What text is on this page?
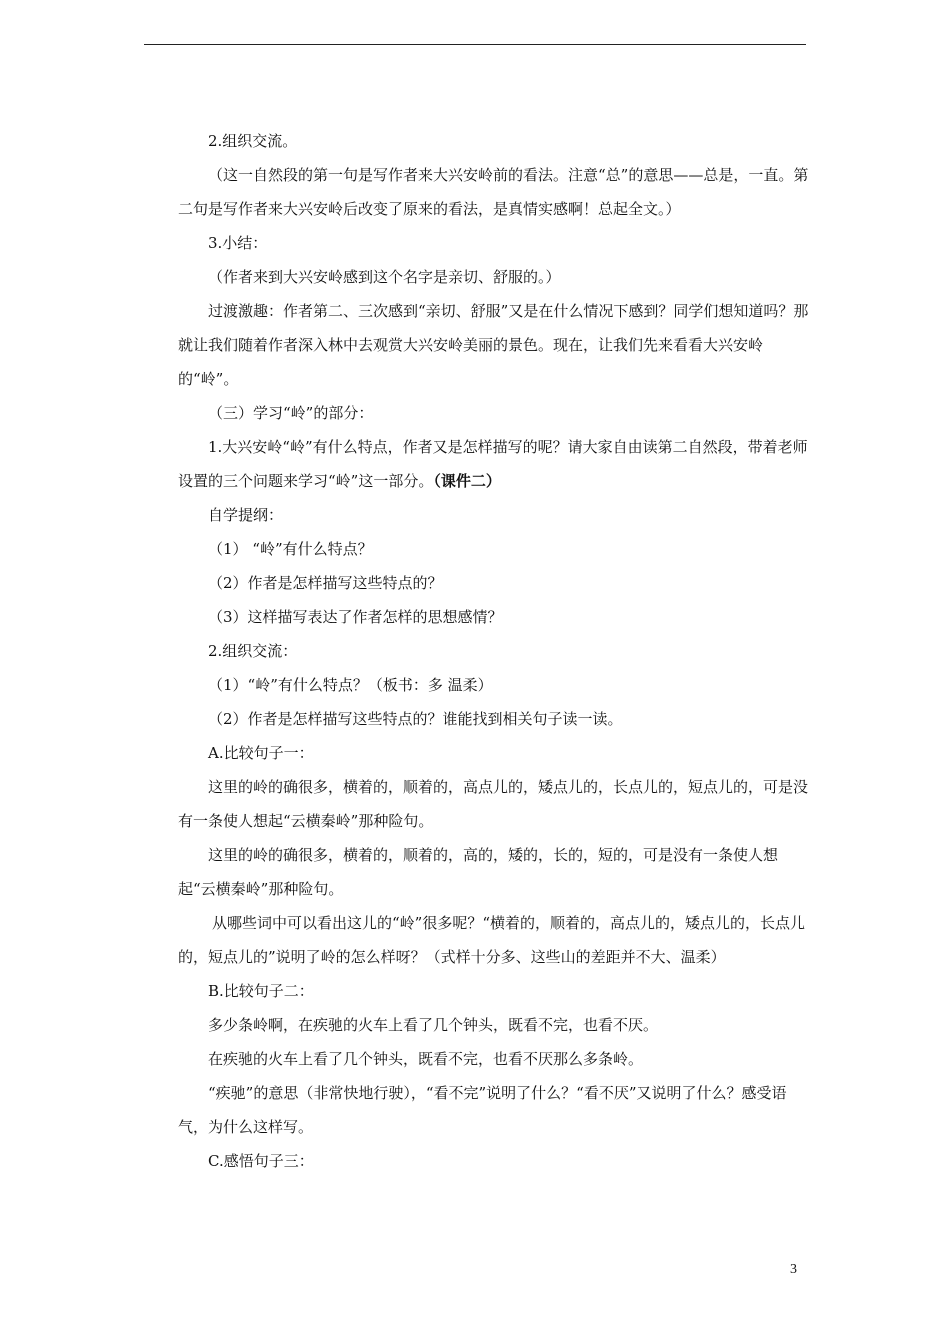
2.组织交流。

（这一自然段的第一句是写作者来大兴安岭前的看法。注意“总”的意思——总是，一直。第二句是写作者来大兴安岭后改变了原来的看法，是真情实感啊！总起全文。）

3.小结：

（作者来到大兴安岭感到这个名字是亲切、舒服的。）

过渡激趣：作者第二、三次感到“亲切、舒服”又是在什么情况下感到？同学们想知道吗？那就让我们随着作者深入林中去观赏大兴安岭美丽的景色。现在，让我们先来看看大兴安岭的“岭”。

（三）学习“岭”的部分：

1.大兴安岭“岭”有什么特点，作者又是怎样描写的呢？请大家自由读第二自然段，带着老师设置的三个问题来学习“岭”这一部分。（课件二）

自学提纲：

（1） “岭”有什么特点？

（2）作者是怎样描写这些特点的？

（3）这样描写表达了作者怎样的思想感情？

2.组织交流：

（1）“岭”有什么特点？（板书：多 温柔）

（2）作者是怎样描写这些特点的？谁能找到相关句子读一读。

A.比较句子一：

这里的岭的确很多，横着的，顺着的，高点儿的，矮点儿的，长点儿的，短点儿的，可是没有一条使人想起“云横秦岭”那种险句。

这里的岭的确很多，横着的，顺着的，高的，矮的，长的，短的，可是没有一条使人想起“云横秦岭”那种险句。

从哪些词中可以看出这儿的“岭”很多呢？“横着的，顺着的，高点儿的，矮点儿的，长点儿的，短点儿的”说明了岭的怎么样呀？（式样十分多、这些山的差距并不大、温柔）

B.比较句子二：

多少条岭啊，在疾驰的火车上看了几个钟头，既看不完，也看不厌。

在疾驰的火车上看了几个钟头，既看不完，也看不厌那么多条岭。

“疾驰”的意思（非常快地行驶），“看不完”说明了什么？“看不厌”又说明了什么？感受语气，为什么这样写。

C.感悟句子三：

3
